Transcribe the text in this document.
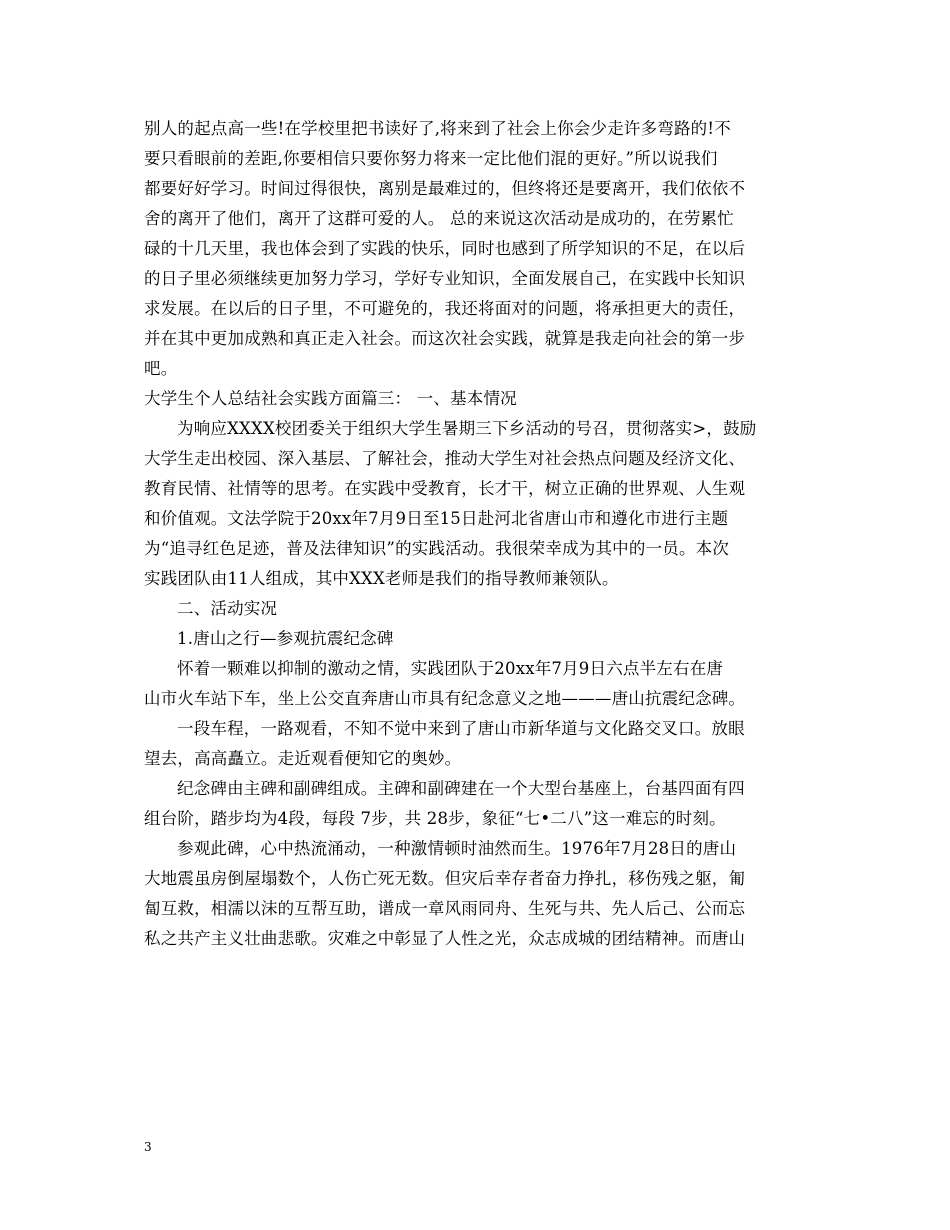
别人的起点高一些!在学校里把书读好了,将来到了社会上你会少走许多弯路的!不
要只看眼前的差距,你要相信只要你努力将来一定比他们混的更好。”所以说我们
都要好好学习。时间过得很快，离别是最难过的，但终将还是要离开，我们依依不
舍的离开了他们，离开了这群可爱的人。 总的来说这次活动是成功的，在劳累忙
碌的十几天里，我也体会到了实践的快乐，同时也感到了所学知识的不足，在以后
的日子里必须继续更加努力学习，学好专业知识，全面发展自己，在实践中长知识
求发展。在以后的日子里，不可避免的，我还将面对的问题，将承担更大的责任，
并在其中更加成熟和真正走入社会。而这次社会实践，就算是我走向社会的第一步
吧。
大学生个人总结社会实践方面篇三： 一、基本情况
为响应XXXX校团委关于组织大学生暑期三下乡活动的号召，贯彻落实>，鼓励
大学生走出校园、深入基层、了解社会，推动大学生对社会热点问题及经济文化、
教育民情、社情等的思考。在实践中受教育，长才干，树立正确的世界观、人生观
和价值观。文法学院于20xx年7月9日至15日赴河北省唐山市和遵化市进行主题
为“追寻红色足迹，普及法律知识”的实践活动。我很荣幸成为其中的一员。本次
实践团队由11人组成，其中XXX老师是我们的指导教师兼领队。
二、活动实况
1.唐山之行—参观抗震纪念碑
怀着一颗难以抑制的激动之情，实践团队于20xx年7月9日六点半左右在唐
山市火车站下车，坐上公交直奔唐山市具有纪念意义之地———唐山抗震纪念碑。
一段车程，一路观看，不知不觉中来到了唐山市新华道与文化路交叉口。放眼
望去，高高矗立。走近观看便知它的奥妙。
纪念碑由主碑和副碑组成。主碑和副碑建在一个大型台基座上，台基四面有四
组台阶，踏步均为4段，每段 7步，共 28步，象征“七•二八”这一难忘的时刻。
参观此碑，心中热流涌动，一种激情顿时油然而生。1976年7月28日的唐山
大地震虽房倒屋塌数个，人伤亡死无数。但灾后幸存者奋力挣扎，移伤残之躯，匍
匐互救，相濡以沫的互帮互助，谱成一章风雨同舟、生死与共、先人后己、公而忘
私之共产主义壮曲悲歌。灾难之中彰显了人性之光，众志成城的团结精神。而唐山
3
